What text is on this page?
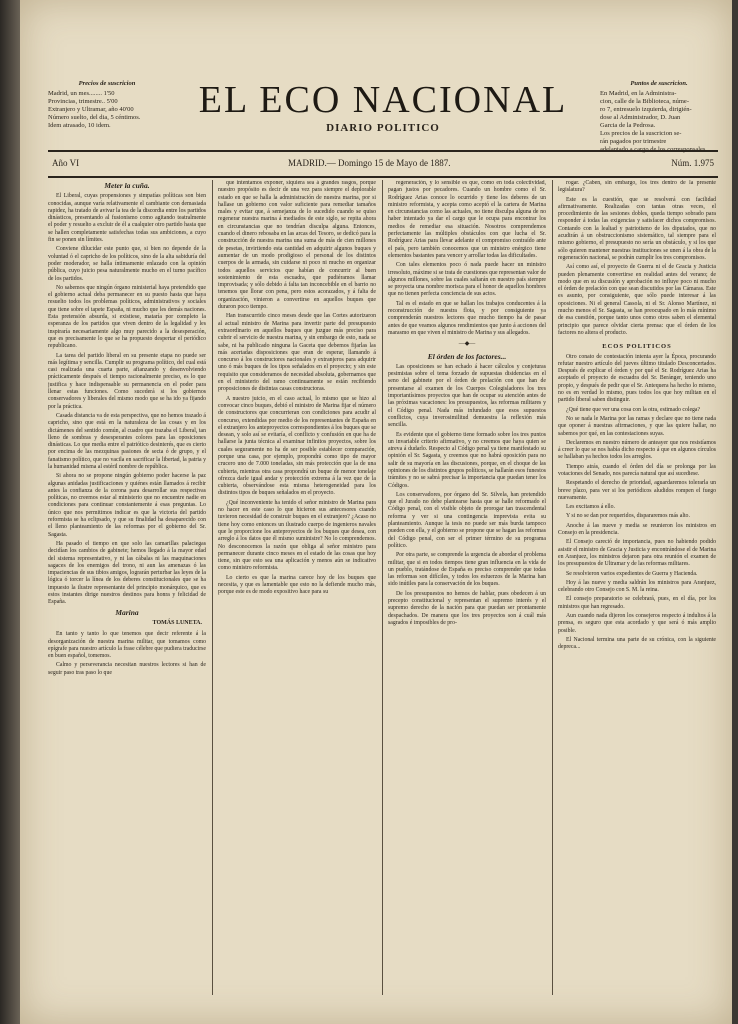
Precios de suscricion
Madrid, un mes........ 1'50
Provincias, trimestre.. 5'00
Extranjero y Ultramar, año 40'00
Número suelto, del dia, 5 céntimos.
Idem atrasado, 10 idem.
EL ECO NACIONAL
DIARIO POLITICO
Puntos de suscricion.
En Madrid, en la Administra-
cion, calle de la Biblioteca, núme-
ro 7, entresuelo izquierda, dirigién-
dose al Administrador, D. Juan
Garcia de la Pedrosa.
Los precios de la suscricion se-
rán pagados por trimestre
adelantado a cargo de los corresponsales.
Año VI	MADRID.— Domingo 15 de Mayo de 1887.	Núm. 1.975
Meter la cuña.

El Liberal, cuyas propensiones y simpatías políticas son bien conocidas, aunque varía relativamente el cambiante con demasiada rapidez, ha tratado de avivar la tea de la discordia entre los partidos dinásticos, presentando al fusionismo como agitando teatralmente el poder y resuelto a excluir de él a cualquier otro partido hasta que se hallen completamente satisfechas todas sus ambiciones, a cuyo fin se ponen sin límites.

Conviene dilucidar este punto que, si bien no depende de la voluntad ó el capricho de los políticos, sino de la alta sabiduría del poder moderador, se halla íntimamente enlazado con la opinión pública, cuyo juicio pesa naturalmente mucho en el turno pacífico de los partidos.

No sabemos que ningún órgano ministerial haya pretendido que el gobierno actual deba permanecer en su puesto hasta que haya resuelto todos los problemas políticos, administrativos y sociales que tiene sobre el tapete España, ni mucho que les demás naciones. Esta pretensión absurda, si existiese, mataría por completo la esperanza de los partidos que viven dentro de la legalidad y les inspiraría necesariamente algo muy parecido a la desesperación, que es precisamente lo que se ha propuesto despertar el periódico republicano.

La tarea del partido liberal en su presente etapa no puede ser más legítima y sencilla. Cumplir su programa político, del cual está casi realizada una cuarta parte, afianzando y desenvolviendo prácticamente después el tiempo racionalmente preciso, es lo que justifica y hace indispensable su permanencia en el poder para llenar estas funciones. Como sucederá si los gobiernos conservadores y liberales del mismo modo que se ha ido ya fijando por la práctica.

Casada distancia va de esta perspectiva, que no hemos trazado á capricho, sino que está en la naturaleza de las cosas y en los dictámenes del sentido común, al cuadro que trazaba el Liberal, tan lleno de sombras y desesperantes colores para las oposiciones dinásticas. Lo que media entre el patriótico desinterés, que es cierto por encima de las mezquinas pasiones de secta ó de grupo, y el fanatismo político, que no vacila en sacrificar la libertad, la patria y la humanidad misma al estéril nombre de república.

Si ahora no se propone ningún gobierno poder hacerse la paz algunas anidadas justificaciones y quiénes están llamados á recibir antes la confianza de la corona para desarrollar sus respectivas políticas, no creemos estar al ministerio que no encuentre nadie en condiciones para continuar constantemente á esas preguntas. Lo único que nos permitimos indicar es que la victoria del partido reformista se ha eclipsado, y que su finalidad ha desaparecido con el lleno planteamiento de las reformas por el gobierno del Sr. Sagasta.

Ha pasado el tiempo en que solo las camarillas palaciegas decidían los cambios de gabinete; hemos llegado á la mayor edad del sistema representativo, y ni las cábalas ni las maquinaciones sagaces de los enemigos del trono, ni aun las amenazas ó las impaciencias de sus tibios amigos, lograrán perturbar las leyes de la lógica ó torcer la línea de los deberes constitucionales que se ha impuesto la ilustre representante del principio monárquico, que es estos instantes dirige nuestros destinos para honra y felicidad de España.

Marina
TOMÁS LUNETA.

En tanto y tanto lo que tenemos que decir referente á la desorganización de nuestra marina militar, que tomamos como epígrafe para nuestro artículo la frase célebre que pudiera traducirse en buen español, tomemos.

Calmo y perseverancia necesitan nuestros lectores si han de seguir paso tras paso lo que

que intentamos exponer, siquiera sea á grandes rasgos, porque nuestro propósito es decir de una vez para siempre el deplorable estado en que se halla la administración de nuestra marina, por si hallase un gobierno con valor suficiente para remediar tamaños males y evitar que, á semejanza de lo sucedido cuando se quiso regenerar nuestra marina á mediados de este siglo, se repita ahora en circunstancias que no tendrían disculpa alguna. Entonces, cuando el dinero rebosaba en las arcas del Tesoro, se dedicó para la construcción de nuestra marina una suma de más de cien millones de pesetas, invirtiendo esta cantidad en adquirir algunos buques y aumentar de un modo prodigioso el personal de los distintos cuerpos de la armada, sin cuidarse ni poco ni mucho en organizar todos aquellos servicios que habían de concurrir al buen sostenimiento de esta escuadra, que pudiéramos llamar improvisada; y sólo debido á falta tan inconcebible en el barrio no tenemos que llorar con pena, pero estos acorazados, y á falta de organización, vinieron a convertirse en aquellos buques que duraron poco tiempo.

Han transcurrido cinco meses desde que las Cortes autorizaron al actual ministro de Marina para invertir parte del presupuesto extraordinario en aquellos buques que juzgue más preciso para cubrir el servicio de nuestra marina, y sin embargo de esto, nada se sabe, ni ha publicado ninguna la Gaceta que debemos fijarlas las más acertadas disposiciones que eran de esperar, llamando á concurso á los constructores nacionales y extranjeros para adquirir uno ó más buques de los tipos señalados en el proyecto; y sin este requisito que consideramos de necesidad absoluta, gobernamos que en el ministerio del ramo continuamente se están recibiendo proposiciones de distintas casas constructoras.

A nuestro juicio, en el caso actual, lo mismo que se hizo al convocar cinco buques, debió el ministro de Marina fijar el número de constructores que concurrieran con condiciones para acudir al concurso, extendidas por medio de los representantes de España en el extranjero los anteproyectos correspondientes á los buques que se desean, y solo así se evitaría, el conflicto y confusión en que ha de hallarse la junta técnica al examinar infinitos proyectos, sobre los cuales seguramente no ha de ser posible establecer comparación, porque una casa, por ejemplo, propondrá como tipo de mayor crucero uno de 7.000 toneladas, sin más protección que la de una cubierta, mientras otra casa propondrá un buque de menor tonelaje ofrezca darle igual andar y protección extrema á la vez que de la cubierta, observándose esta misma heterogeneidad para los distintos tipos de buques señalados en el proyecto.

¿Qué inconveniente ha tenido el señor ministro de Marina para no hacer en este caso lo que hicieron sus antecesores cuando tuvieron necesidad de construir buques en el extranjero? ¿Acaso no tiene hoy como entonces un ilustrado cuerpo de ingenieros navales que le proporcione los anteproyectos de los buques que desea, con arreglo á los datos que él mismo suministre? No lo comprendemos. No desconocemos la razón que obliga al señor ministro para permanecer durante cinco meses en el estado de las cosas que hoy tiene, sin que esto sea una aplicación y menos aún se indicativo como ministro reformista.

Lo cierto es que la marina carece hoy de los buques que necesita, y que es lamentable que esto no la defiende mucho más, porque este es de modo expositivo hace para su

regeneración, y lo sensible es que, como en toda colectividad, pagan justos por pecadores. Cuando un hombre como el Sr. Rodríguez Arias conoce lo ocurrido y tiene los deberes de un ministro reformista, y acepta como aceptó el la cartera de Marina en circunstancias como las actuales, no tiene disculpa alguna de no haber intentado ya dar el cargo que le ocupa para encontrar los medios de remediar esa situación. Nosotros comprendemos perfectamente las múltiples obstáculos con que lucha el Sr. Rodríguez Arias para llevar adelante el compromiso contraído ante el país, pero también conocemos que un ministro enérgico tiene elementos bastantes para vencer y arrollar todas las dificultades.

Con tales elementos poco ó nada puede hacer un ministro irresoluto, máxime si se trata de cuestiones que representan valor de algunos millones, sobre las cuales saltarán en nuestro país siempre se proyecta una nombre morisca para el honor de aquellos hombres que no tienen perfecta conciencia de sus actos.

Tal es el estado en que se hallan los trabajos conducentes á la reconstrucción de nuestra flota, y por consiguiente ya comprenderán nuestros lectores que mucho tiempo ha de pasar antes de que veamos algunos rendimientos que junto á acciones del marasmo en que viven el ministro de Marina y sus allegados.

—◆—
El órden de los factores...

Las oposiciones se han echado á hacer cálculos y conjeturas pesimistas sobre el tema forzado de supuestas disidencias en el seno del gabinete por el órden de prelación con que han de presentarse al examen de los Cuerpos Colegisladores los tres importantísimos proyectos que han de ocupar su atención antes de las próximas vacaciones: los presupuestos, las reformas militares y el Código penal. Nada más infundado que esos supuestos conflictos, cuya inverosimilitud demuestra la reflexión más sencilla.

Es evidente que el gobierno tiene formado sobre los tres puntos un invariable criterio afirmativo, y no creemos que haya quien se atreva á dudarlo. Respecto al Código penal ya tiene manifestado su opinión el Sr. Sagasta, y creemos que no habrá oposición para no salir de su mayoría en las discusiones, porque, en el choque de las opiniones de los distintos grupos políticos, se hallarán esos funestos trámites y no se sabrá precisar la importancia que puedan tener los Códigos.

Los conservadores, por órgano del Sr. Silvela, han pretendido que el Jurado no debe plantearse hasta que se halle reformado el Código penal, con el visible objeto de prorogar tan trascendental reforma y ver si una contingencia imprevista evita su planteamiento. Aunque la tesis no puede ser más burda tampoco pueden con ella, y el gobierno se propone que se hagan las reformas del Código penal, con ser el primer término de su programa político.

Por otra parte, se comprende la urgencia de abordar el problema militar, que si en todos tiempos tiene gran influencia en la vida de un pueblo, tratándose de España es preciso comprender que todas las reformas son difíciles, y todos los esfuerzos de la Marina han sido inútiles para la conservación de los buques.

De los presupuestos no hemos de hablar, pues obedecen á un precepto constitucional y representan el supremo interés y el supremo derecho de la nación para que puedan ser prontamente despachados. De manera que los tres proyectos son á cuál más sagrados é imposibles de pro-

rogar. ¿Caben, sin embargo, los tres dentro de la presente legislatura?

Este es la cuestión, que se resolverá con facilidad afirmativamente. Realizadas con tantas otras veces, el procedimiento de las sesiones dobles, queda tiempo sobrado para responder á todas las exigencias y satisfacer dichos compromisos. Contando con la lealtad y patriotismo de los diputados, que no acudirán á un obstruccionismo sistemático, tal siempre para el mismo gobierno, el presupuesto no sería un obstáculo, y si los que sólo quieren mantener nuestras instituciones se unen á la obra de la regeneración nacional, se podrán cumplir los tres compromisos.

Así como así, el proyecto de Guerra ni el de Gracia y Justicia pueden plenamente convertirse en realidad antes del verano; de modo que en su discusión y aprobación no influye poco ni mucho el órden de prelación con que sean discutidos por las Cámaras. Este es asunto, por consiguiente, que sólo puede interesar á las oposiciones. Ni el general Cassola, ni el Sr. Alonso Martínez, ni mucho menos el Sr. Sagasta, se han preocupado en lo más mínimo de esa cuestión, porque tanto unos como otros saben el elemental principio que parece olvidar cierta prensa: que el órden de los factores no altera el producto.

ECOS POLITICOS

Otro conato de contestación intenta ayer la Época, procurando refutar nuestro artículo del jueves último titulado Desconcertados. Después de explicar el órden y por qué el Sr. Rodríguez Arias ha aceptado el proyecto de escuadra del Sr. Beránger, teniendo uno propio, y después de pedir que el Sr. Antequera ha hecho lo mismo, no es en verdad lo mismo, pues todos los que hoy militan en el partido liberal saben distinguir.

¿Qué tiene que ver una cosa con la otra, estimado colega?

No se nada le Marina por las ramas y declare que no tiene nada que oponer á nuestras afirmaciones, y que las quiere hallar, no sabemos por qué, en las contestaciones suyas.

Declaremos en nuestro número de anteayer que nos resistíamos á creer lo que se nos había dicho respecto á que en algunos círculos se hallaban ya hechos todos los arreglos.

Tiempo atrás, cuando el órden del día se prolonga por las votaciones del Senado, nos parecía natural que así sucediese.

Respetando el derecho de prioridad, aguardaremos tolerarla un breve plazo, para ver si los periódicos aludidos rompen el fuego nuevamente.

Les excitamos á ello.

Y si no se dan por requeridos, dispararemos más alto.

Anoche á las nueve y media se reunieron los ministros en Consejo en la presidencia.

El Consejo careció de importancia, pues no habiendo podido asistir el ministro de Gracia y Justicia y encontrándose el de Marina en Aranjuez, los ministros dejaron para otra reunión el examen de los presupuestos de Ultramar y de las reformas militares.

Se resolvieron varios expedientes de Guerra y Hacienda.

Hoy á las nueve y media saldrán los ministros para Aranjuez, celebrando otro Consejo con S. M. la reina.

El consejo preparatorio se celebrará, pues, en el día, por los ministros que han regresado.

Aun cuando nada dijeron los consejeros respecto á indultos á la prensa, es seguro que esta acordado y que será ó más amplio posible.

El Nacional termina una parte de su crónica, con la siguiente depreca...
